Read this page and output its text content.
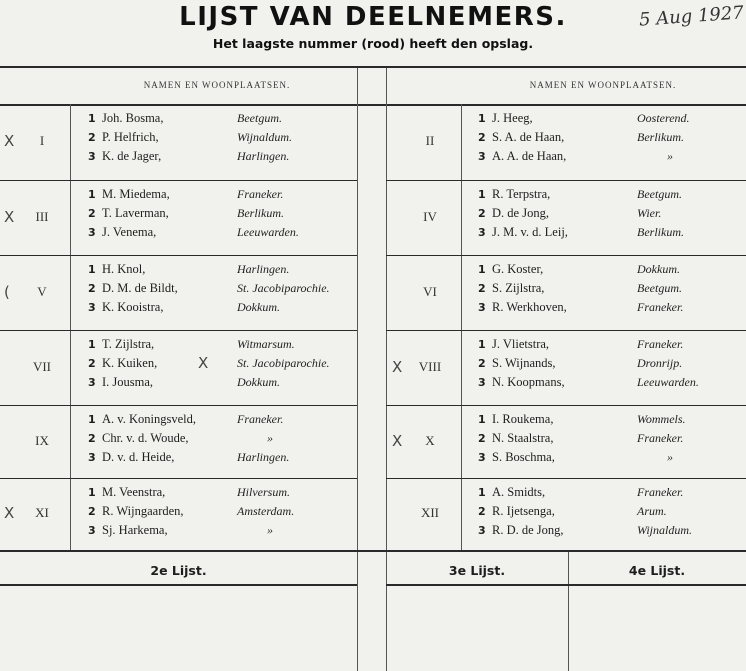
LIJST VAN DEELNEMERS.	5 Aug 1927
Het laagste nummer (rood) heeft den opslag.
NAMEN EN WOONPLAATSEN.	NAMEN EN WOONPLAATSEN.
I
X
1 Joh. Bosma,	Beetgum.
2 P. Helfrich,	Wijnaldum.
3 K. de Jager,	Harlingen.
II
1 J. Heeg,	Oosterend.
2 S. A. de Haan,	Berlikum.
3 A. A. de Haan,	»
III
X
1 M. Miedema,	Franeker.
2 T. Laverman,	Berlikum.
3 J. Venema,	Leeuwarden.
IV
1 R. Terpstra,	Beetgum.
2 D. de Jong,	Wier.
3 J. M. v. d. Leij,	Berlikum.
V
(
1 H. Knol,	Harlingen.
2 D. M. de Bildt,	St. Jacobiparochie.
3 K. Kooistra,	Dokkum.
VI
1 G. Koster,	Dokkum.
2 S. Zijlstra,	Beetgum.
3 R. Werkhoven,	Franeker.
VII
1 T. Zijlstra,	Witmarsum.
2 K. Kuiken,	St. Jacobiparochie.
X
3 I. Jousma,	Dokkum.
VIII
X
1 J. Vlietstra,	Franeker.
2 S. Wijnands,	Dronrijp.
3 N. Koopmans,	Leeuwarden.
IX
1 A. v. Koningsveld,	Franeker.
2 Chr. v. d. Woude,	»
3 D. v. d. Heide,	Harlingen.
X
X
1 I. Roukema,	Wommels.
2 N. Staalstra,	Franeker.
3 S. Boschma,	»
XI
X
1 M. Veenstra,	Hilversum.
2 R. Wijngaarden,	Amsterdam.
3 Sj. Harkema,	»
XII
1 A. Smidts,	Franeker.
2 R. Ijetsenga,	Arum.
3 R. D. de Jong,	Wijnaldum.
2e Lijst.	3e Lijst.	4e Lijst.
